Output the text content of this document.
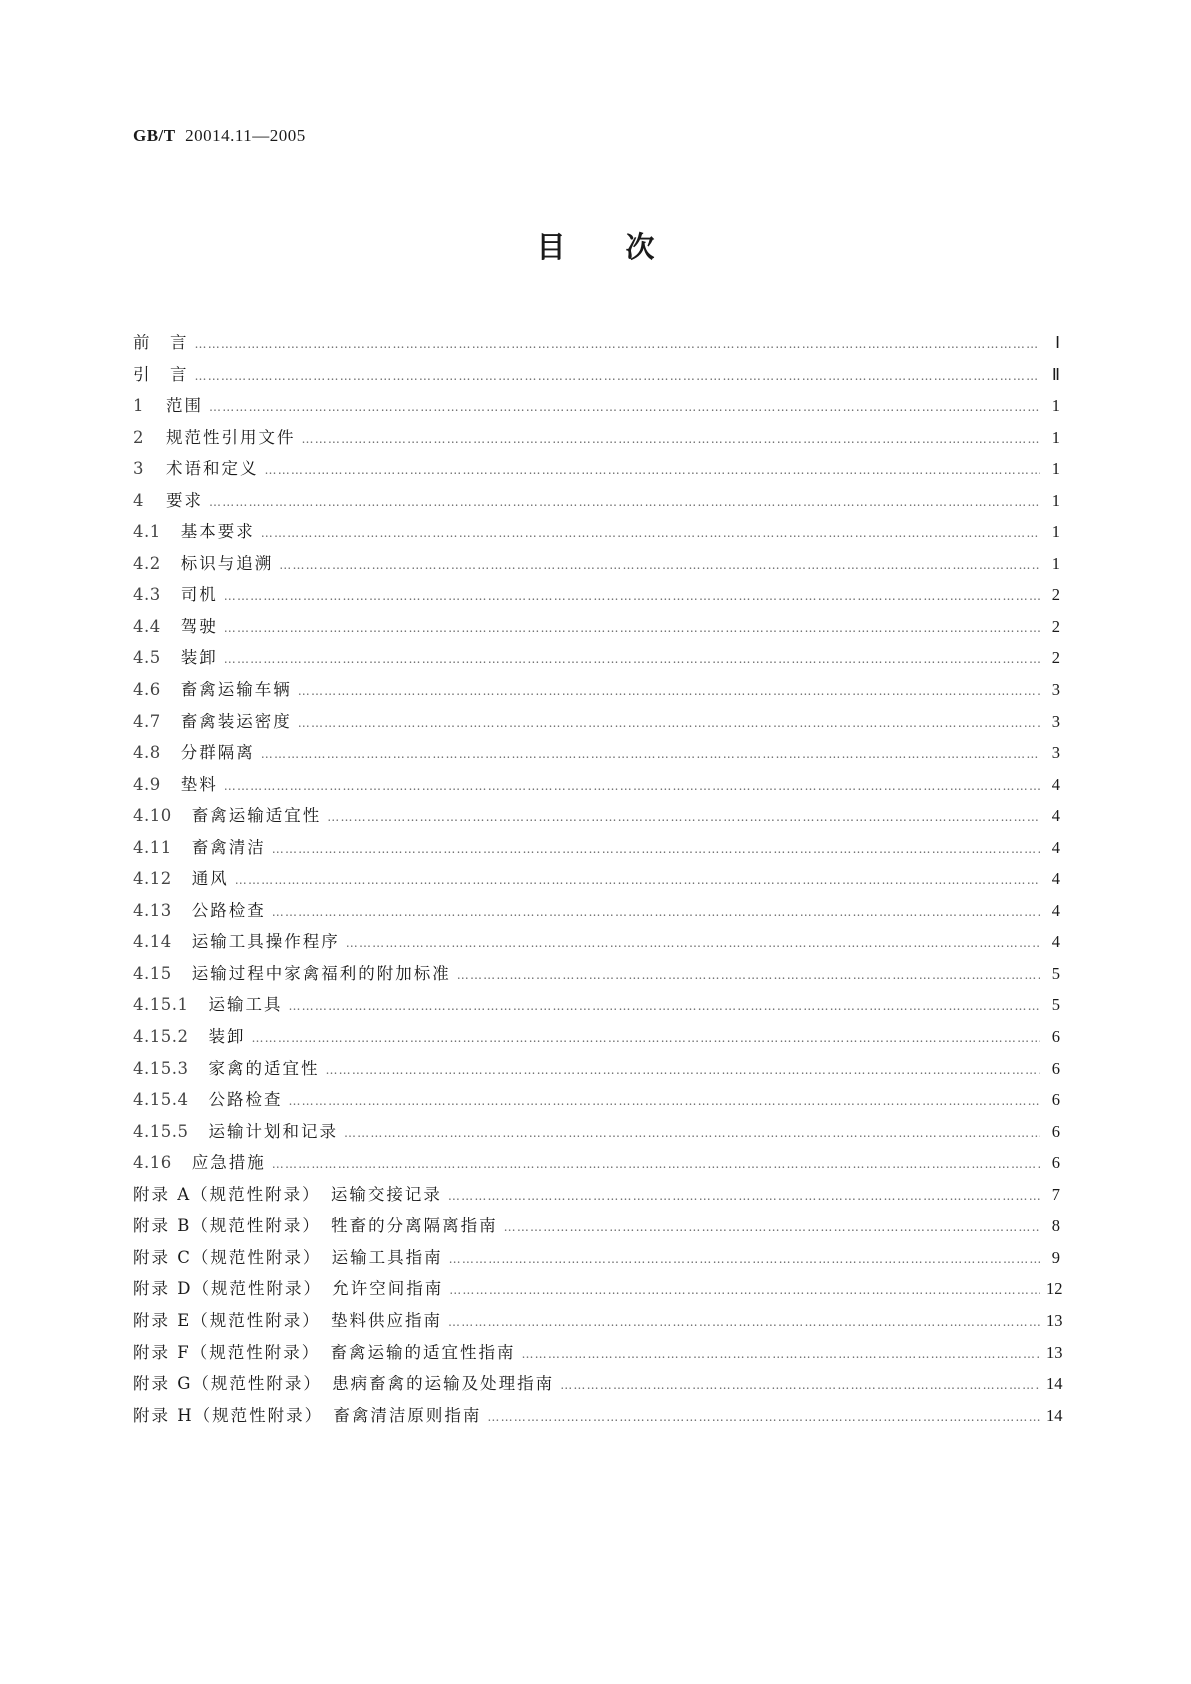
GB/T 20014.11—2005
目次
前　言 ………………………………………………………………………………………………………………………………………………………………………………………………………………………………	Ⅰ
引　言 ………………………………………………………………………………………………………………………………………………………………………………………………………………………………	Ⅱ
1 范围 ………………………………………………………………………………………………………………………………………………………………………………………………………………………………	1
2 规范性引用文件 ………………………………………………………………………………………………………………………………………………………………………………………………………………………………	1
3 术语和定义 ………………………………………………………………………………………………………………………………………………………………………………………………………………………………	1
4 要求 ………………………………………………………………………………………………………………………………………………………………………………………………………………………………	1
4.1 基本要求 ………………………………………………………………………………………………………………………………………………………………………………………………………………………………	1
4.2 标识与追溯 ………………………………………………………………………………………………………………………………………………………………………………………………………………………………	1
4.3 司机 ………………………………………………………………………………………………………………………………………………………………………………………………………………………………	2
4.4 驾驶 ………………………………………………………………………………………………………………………………………………………………………………………………………………………………	2
4.5 装卸 ………………………………………………………………………………………………………………………………………………………………………………………………………………………………	2
4.6 畜禽运输车辆 ………………………………………………………………………………………………………………………………………………………………………………………………………………………………	3
4.7 畜禽装运密度 ………………………………………………………………………………………………………………………………………………………………………………………………………………………………	3
4.8 分群隔离 ………………………………………………………………………………………………………………………………………………………………………………………………………………………………	3
4.9 垫料 ………………………………………………………………………………………………………………………………………………………………………………………………………………………………	4
4.10 畜禽运输适宜性 ………………………………………………………………………………………………………………………………………………………………………………………………………………………………	4
4.11 畜禽清洁 ………………………………………………………………………………………………………………………………………………………………………………………………………………………………	4
4.12 通风 ………………………………………………………………………………………………………………………………………………………………………………………………………………………………	4
4.13 公路检查 ………………………………………………………………………………………………………………………………………………………………………………………………………………………………	4
4.14 运输工具操作程序 ………………………………………………………………………………………………………………………………………………………………………………………………………………………………	4
4.15 运输过程中家禽福利的附加标准 ………………………………………………………………………………………………………………………………………………………………………………………………………………………………	5
4.15.1 运输工具 ………………………………………………………………………………………………………………………………………………………………………………………………………………………………	5
4.15.2 装卸 ………………………………………………………………………………………………………………………………………………………………………………………………………………………………	6
4.15.3 家禽的适宜性 ………………………………………………………………………………………………………………………………………………………………………………………………………………………………	6
4.15.4 公路检查 ………………………………………………………………………………………………………………………………………………………………………………………………………………………………	6
4.15.5 运输计划和记录 ………………………………………………………………………………………………………………………………………………………………………………………………………………………………	6
4.16 应急措施 ………………………………………………………………………………………………………………………………………………………………………………………………………………………………	6
附录 A（规范性附录）　运输交接记录 ………………………………………………………………………………………………………………………………………………………………………………………………………………………………	7
附录 B（规范性附录）　牲畜的分离隔离指南 ………………………………………………………………………………………………………………………………………………………………………………………………………………………………	8
附录 C（规范性附录）　运输工具指南 ………………………………………………………………………………………………………………………………………………………………………………………………………………………………	9
附录 D（规范性附录）　允许空间指南 ………………………………………………………………………………………………………………………………………………………………………………………………………………………………	12
附录 E（规范性附录）　垫料供应指南 ………………………………………………………………………………………………………………………………………………………………………………………………………………………………	13
附录 F（规范性附录）　畜禽运输的适宜性指南 ………………………………………………………………………………………………………………………………………………………………………………………………………………………………	13
附录 G（规范性附录）　患病畜禽的运输及处理指南 ………………………………………………………………………………………………………………………………………………………………………………………………………………………………	14
附录 H（规范性附录）　畜禽清洁原则指南 ………………………………………………………………………………………………………………………………………………………………………………………………………………………………	14
